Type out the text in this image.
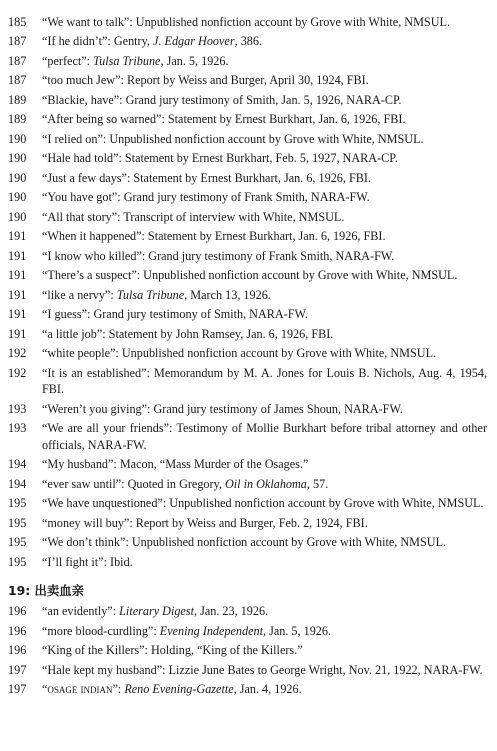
185	“We want to talk”: Unpublished nonfiction account by Grove with White, NMSUL.
187	“If he didn’t”: Gentry, J. Edgar Hoover, 386.
187	“perfect”: Tulsa Tribune, Jan. 5, 1926.
187	“too much Jew”: Report by Weiss and Burger, April 30, 1924, FBI.
189	“Blackie, have”: Grand jury testimony of Smith, Jan. 5, 1926, NARA-CP.
189	“After being so warned”: Statement by Ernest Burkhart, Jan. 6, 1926, FBI.
190	“I relied on”: Unpublished nonfiction account by Grove with White, NMSUL.
190	“Hale had told”: Statement by Ernest Burkhart, Feb. 5, 1927, NARA-CP.
190	“Just a few days”: Statement by Ernest Burkhart, Jan. 6, 1926, FBI.
190	“You have got”: Grand jury testimony of Frank Smith, NARA-FW.
190	“All that story”: Transcript of interview with White, NMSUL.
191	“When it happened”: Statement by Ernest Burkhart, Jan. 6, 1926, FBI.
191	“I know who killed”: Grand jury testimony of Frank Smith, NARA-FW.
191	“There’s a suspect”: Unpublished nonfiction account by Grove with White, NMSUL.
191	“like a nervy”: Tulsa Tribune, March 13, 1926.
191	“I guess”: Grand jury testimony of Smith, NARA-FW.
191	“a little job”: Statement by John Ramsey, Jan. 6, 1926, FBI.
192	“white people”: Unpublished nonfiction account by Grove with White, NMSUL.
192	“It is an established”: Memorandum by M. A. Jones for Louis B. Nichols, Aug. 4, 1954, FBI.
193	“Weren’t you giving”: Grand jury testimony of James Shoun, NARA-FW.
193	“We are all your friends”: Testimony of Mollie Burkhart before tribal attorney and other officials, NARA-FW.
194	“My husband”: Macon, “Mass Murder of the Osages.”
194	“ever saw until”: Quoted in Gregory, Oil in Oklahoma, 57.
195	“We have unquestioned”: Unpublished nonfiction account by Grove with White, NMSUL.
195	“money will buy”: Report by Weiss and Burger, Feb. 2, 1924, FBI.
195	“We don’t think”: Unpublished nonfiction account by Grove with White, NMSUL.
195	“I’ll fight it”: Ibid.
19: 出卖血亲
196	“an evidently”: Literary Digest, Jan. 23, 1926.
196	“more blood-curdling”: Evening Independent, Jan. 5, 1926.
196	“King of the Killers”: Holding, “King of the Killers.”
197	“Hale kept my husband”: Lizzie June Bates to George Wright, Nov. 21, 1922, NARA-FW.
197	“osage indian”: Reno Evening-Gazette, Jan. 4, 1926.
